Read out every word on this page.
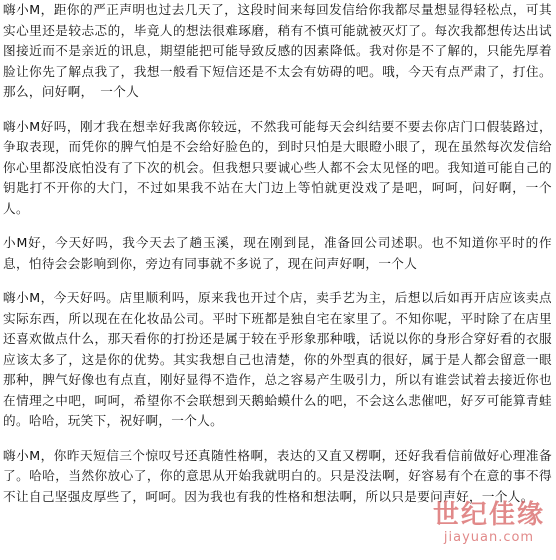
嗨小M，距你的严正声明也过去几天了，这段时间来每回发信给你我都尽量想显得轻松点，可其实心里还是较忐忑的，毕竟人的想法很难琢磨，稍有不慎可能就被灭灯了。每次我都想传达出试图接近而不是亲近的讯息，期望能把可能导致反感的因素降低。我对你是不了解的，只能先厚着脸让你先了解点我了，我想一般看下短信还是不太会有妨碍的吧。哦，今天有点严肃了，打住。那么，问好啊，　一个人

嗨小M好吗，刚才我在想幸好我离你较远，不然我可能每天会纠结要不要去你店门口假装路过，争取表现，而凭你的脾气怕是不会给好脸色的，到时只怕是大眼瞪小眼了，现在虽然每次发信给你心里都没底怕没有了下次的机会。但我想只要诚心些人都不会太见怪的吧。我知道可能自己的钥匙打不开你的大门，不过如果我不站在大门边上等怕就更没戏了是吧，呵呵，问好啊，一个人。

小M好，今天好吗，我今天去了趟玉溪，现在刚到昆，准备回公司述职。也不知道你平时的作息，怕待会会影响到你，旁边有同事就不多说了，现在问声好啊，一个人

嗨小M，今天好吗。店里顺利吗，原来我也开过个店，卖手艺为主，后想以后如再开店应该卖点实际东西，所以现在在化妆品公司。平时下班都是独自宅在家里了。不知你呢，平时除了在店里还喜欢做点什么，那天看你的打扮还是属于较在乎形象那种哦，话说以你的身形合穿好看的衣服应该太多了，这是你的优势。其实我想自己也清楚，你的外型真的很好，属于是人都会留意一眼那种，脾气好像也有点直，刚好显得不造作，总之容易产生吸引力，所以有谁尝试着去接近你也在情理之中吧，呵呵，希望你不会联想到天鹅蛤蟆什么的吧，不会这么悲催吧，好歹可能算青蛙的。哈哈，玩笑下，祝好啊，一个人。

嗨小M，你昨天短信三个惊叹号还真随性格啊，表达的又直又楞啊，还好我看信前做好心理准备了。哈哈，当然你放心了，你的意思从开始我就明白的。只是没法啊，好容易有个在意的事不得不让自己坚强皮厚些了，呵呵。因为我也有我的性格和想法啊，所以只是要问声好，一个人。

世纪佳缘
jiayuan.com
